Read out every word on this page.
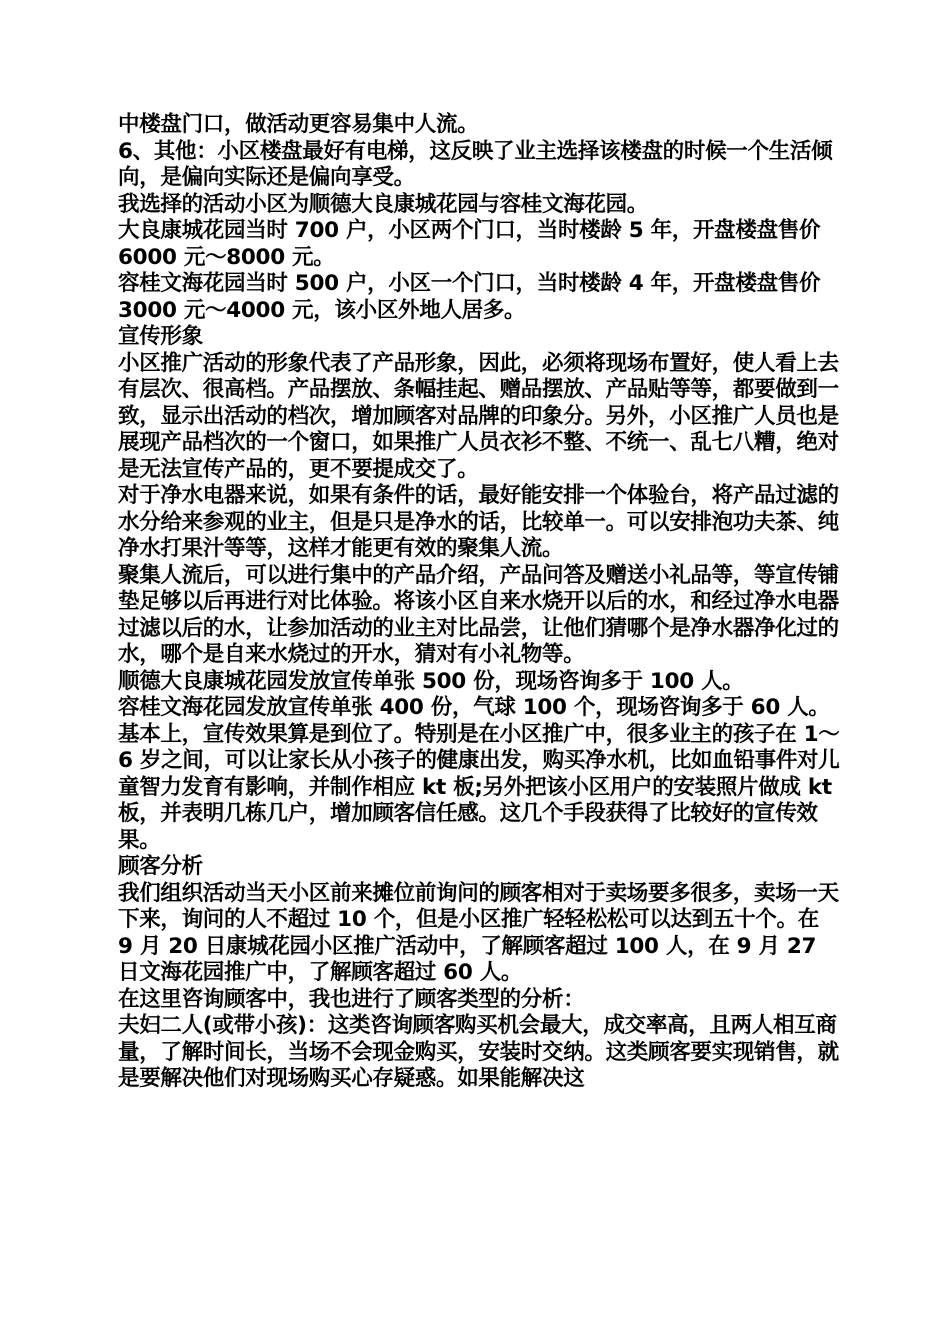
中楼盘门口，做活动更容易集中人流。

6、其他：小区楼盘最好有电梯，这反映了业主选择该楼盘的时候一个生活倾向，是偏向实际还是偏向享受。

我选择的活动小区为顺德大良康城花园与容桂文海花园。

大良康城花园当时 700 户，小区两个门口，当时楼龄 5 年，开盘楼盘售价 6000 元～8000 元。

容桂文海花园当时 500 户，小区一个门口，当时楼龄 4 年，开盘楼盘售价 3000 元～4000 元，该小区外地人居多。

宣传形象

小区推广活动的形象代表了产品形象，因此，必须将现场布置好，使人看上去有层次、很高档。产品摆放、条幅挂起、赠品摆放、产品贴等等，都要做到一致，显示出活动的档次，增加顾客对品牌的印象分。另外，小区推广人员也是展现产品档次的一个窗口，如果推广人员衣衫不整、不统一、乱七八糟，绝对是无法宣传产品的，更不要提成交了。

对于净水电器来说，如果有条件的话，最好能安排一个体验台，将产品过滤的水分给来参观的业主，但是只是净水的话，比较单一。可以安排泡功夫茶、纯净水打果汁等等，这样才能更有效的聚集人流。

聚集人流后，可以进行集中的产品介绍，产品问答及赠送小礼品等，等宣传铺垫足够以后再进行对比体验。将该小区自来水烧开以后的水，和经过净水电器过滤以后的水，让参加活动的业主对比品尝，让他们猜哪个是净水器净化过的水，哪个是自来水烧过的开水，猜对有小礼物等。

顺德大良康城花园发放宣传单张 500 份，现场咨询多于 100 人。

容桂文海花园发放宣传单张 400 份，气球 100 个，现场咨询多于 60 人。

基本上，宣传效果算是到位了。特别是在小区推广中，很多业主的孩子在 1～6 岁之间，可以让家长从小孩子的健康出发，购买净水机，比如血铅事件对儿童智力发育有影响，并制作相应 kt 板;另外把该小区用户的安装照片做成 kt 板，并表明几栋几户，增加顾客信任感。这几个手段获得了比较好的宣传效果。

顾客分析

我们组织活动当天小区前来摊位前询问的顾客相对于卖场要多很多，卖场一天下来，询问的人不超过 10 个，但是小区推广轻轻松松可以达到五十个。在 9 月 20 日康城花园小区推广活动中，了解顾客超过 100 人，在 9 月 27 日文海花园推广中，了解顾客超过 60 人。

在这里咨询顾客中，我也进行了顾客类型的分析：

夫妇二人(或带小孩)：这类咨询顾客购买机会最大，成交率高，且两人相互商量，了解时间长，当场不会现金购买，安装时交纳。这类顾客要实现销售，就是要解决他们对现场购买心存疑惑。如果能解决这
